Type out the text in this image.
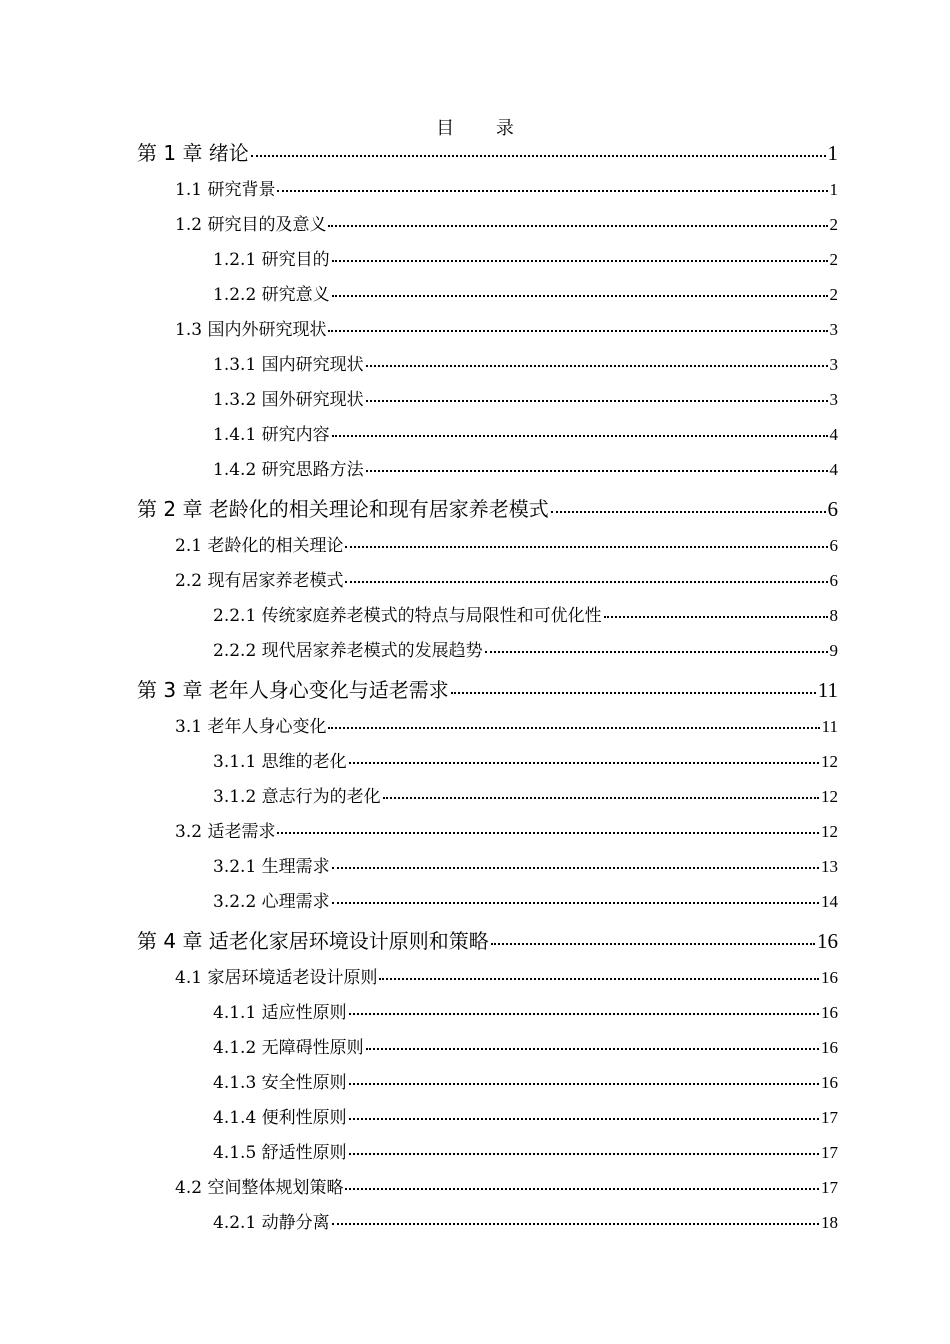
目 录
第 1 章 绪论	1
1.1 研究背景	1
1.2 研究目的及意义	2
1.2.1 研究目的	2
1.2.2 研究意义	2
1.3 国内外研究现状	3
1.3.1 国内研究现状	3
1.3.2 国外研究现状	3
1.4.1 研究内容	4
1.4.2 研究思路方法	4
第 2 章 老龄化的相关理论和现有居家养老模式	6
2.1 老龄化的相关理论	6
2.2 现有居家养老模式	6
2.2.1 传统家庭养老模式的特点与局限性和可优化性	8
2.2.2 现代居家养老模式的发展趋势	9
第 3 章 老年人身心变化与适老需求	11
3.1 老年人身心变化	11
3.1.1 思维的老化	12
3.1.2 意志行为的老化	12
3.2 适老需求	12
3.2.1 生理需求	13
3.2.2 心理需求	14
第 4 章 适老化家居环境设计原则和策略	16
4.1 家居环境适老设计原则	16
4.1.1 适应性原则	16
4.1.2 无障碍性原则	16
4.1.3 安全性原则	16
4.1.4 便利性原则	17
4.1.5 舒适性原则	17
4.2 空间整体规划策略	17
4.2.1 动静分离	18
